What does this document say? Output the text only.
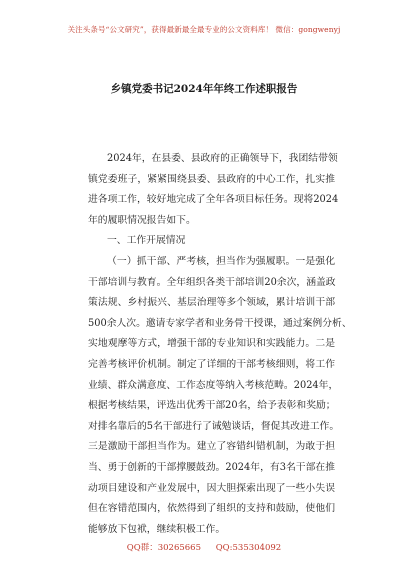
关注头条号“公文研究”，获得最新最全最专业的公文资料库！ 微信：gongwenyj
乡镇党委书记2024年年终工作述职报告
2024年，在县委、县政府的正确领导下，我团结带领
镇党委班子，紧紧围绕县委、县政府的中心工作，扎实推
进各项工作，较好地完成了全年各项目标任务。现将2024
年的履职情况报告如下。
一、工作开展情况
（一）抓干部、严考核，担当作为强履职。一是强化
干部培训与教育。全年组织各类干部培训20余次，涵盖政
策法规、乡村振兴、基层治理等多个领域，累计培训干部
500余人次。邀请专家学者和业务骨干授课，通过案例分析、
实地观摩等方式，增强干部的专业知识和实践能力。二是
完善考核评价机制。制定了详细的干部考核细则，将工作
业绩、群众满意度、工作态度等纳入考核范畴。2024年，
根据考核结果，评选出优秀干部20名，给予表彰和奖励；
对排名靠后的5名干部进行了诫勉谈话，督促其改进工作。
三是激励干部担当作为。建立了容错纠错机制，为敢于担
当、勇于创新的干部撑腰鼓劲。2024年，有3名干部在推
动项目建设和产业发展中，因大胆探索出现了一些小失误
但在容错范围内，依然得到了组织的支持和鼓励，使他们
能够放下包袱，继续积极工作。
QQ群：30265665 QQ:535304092
